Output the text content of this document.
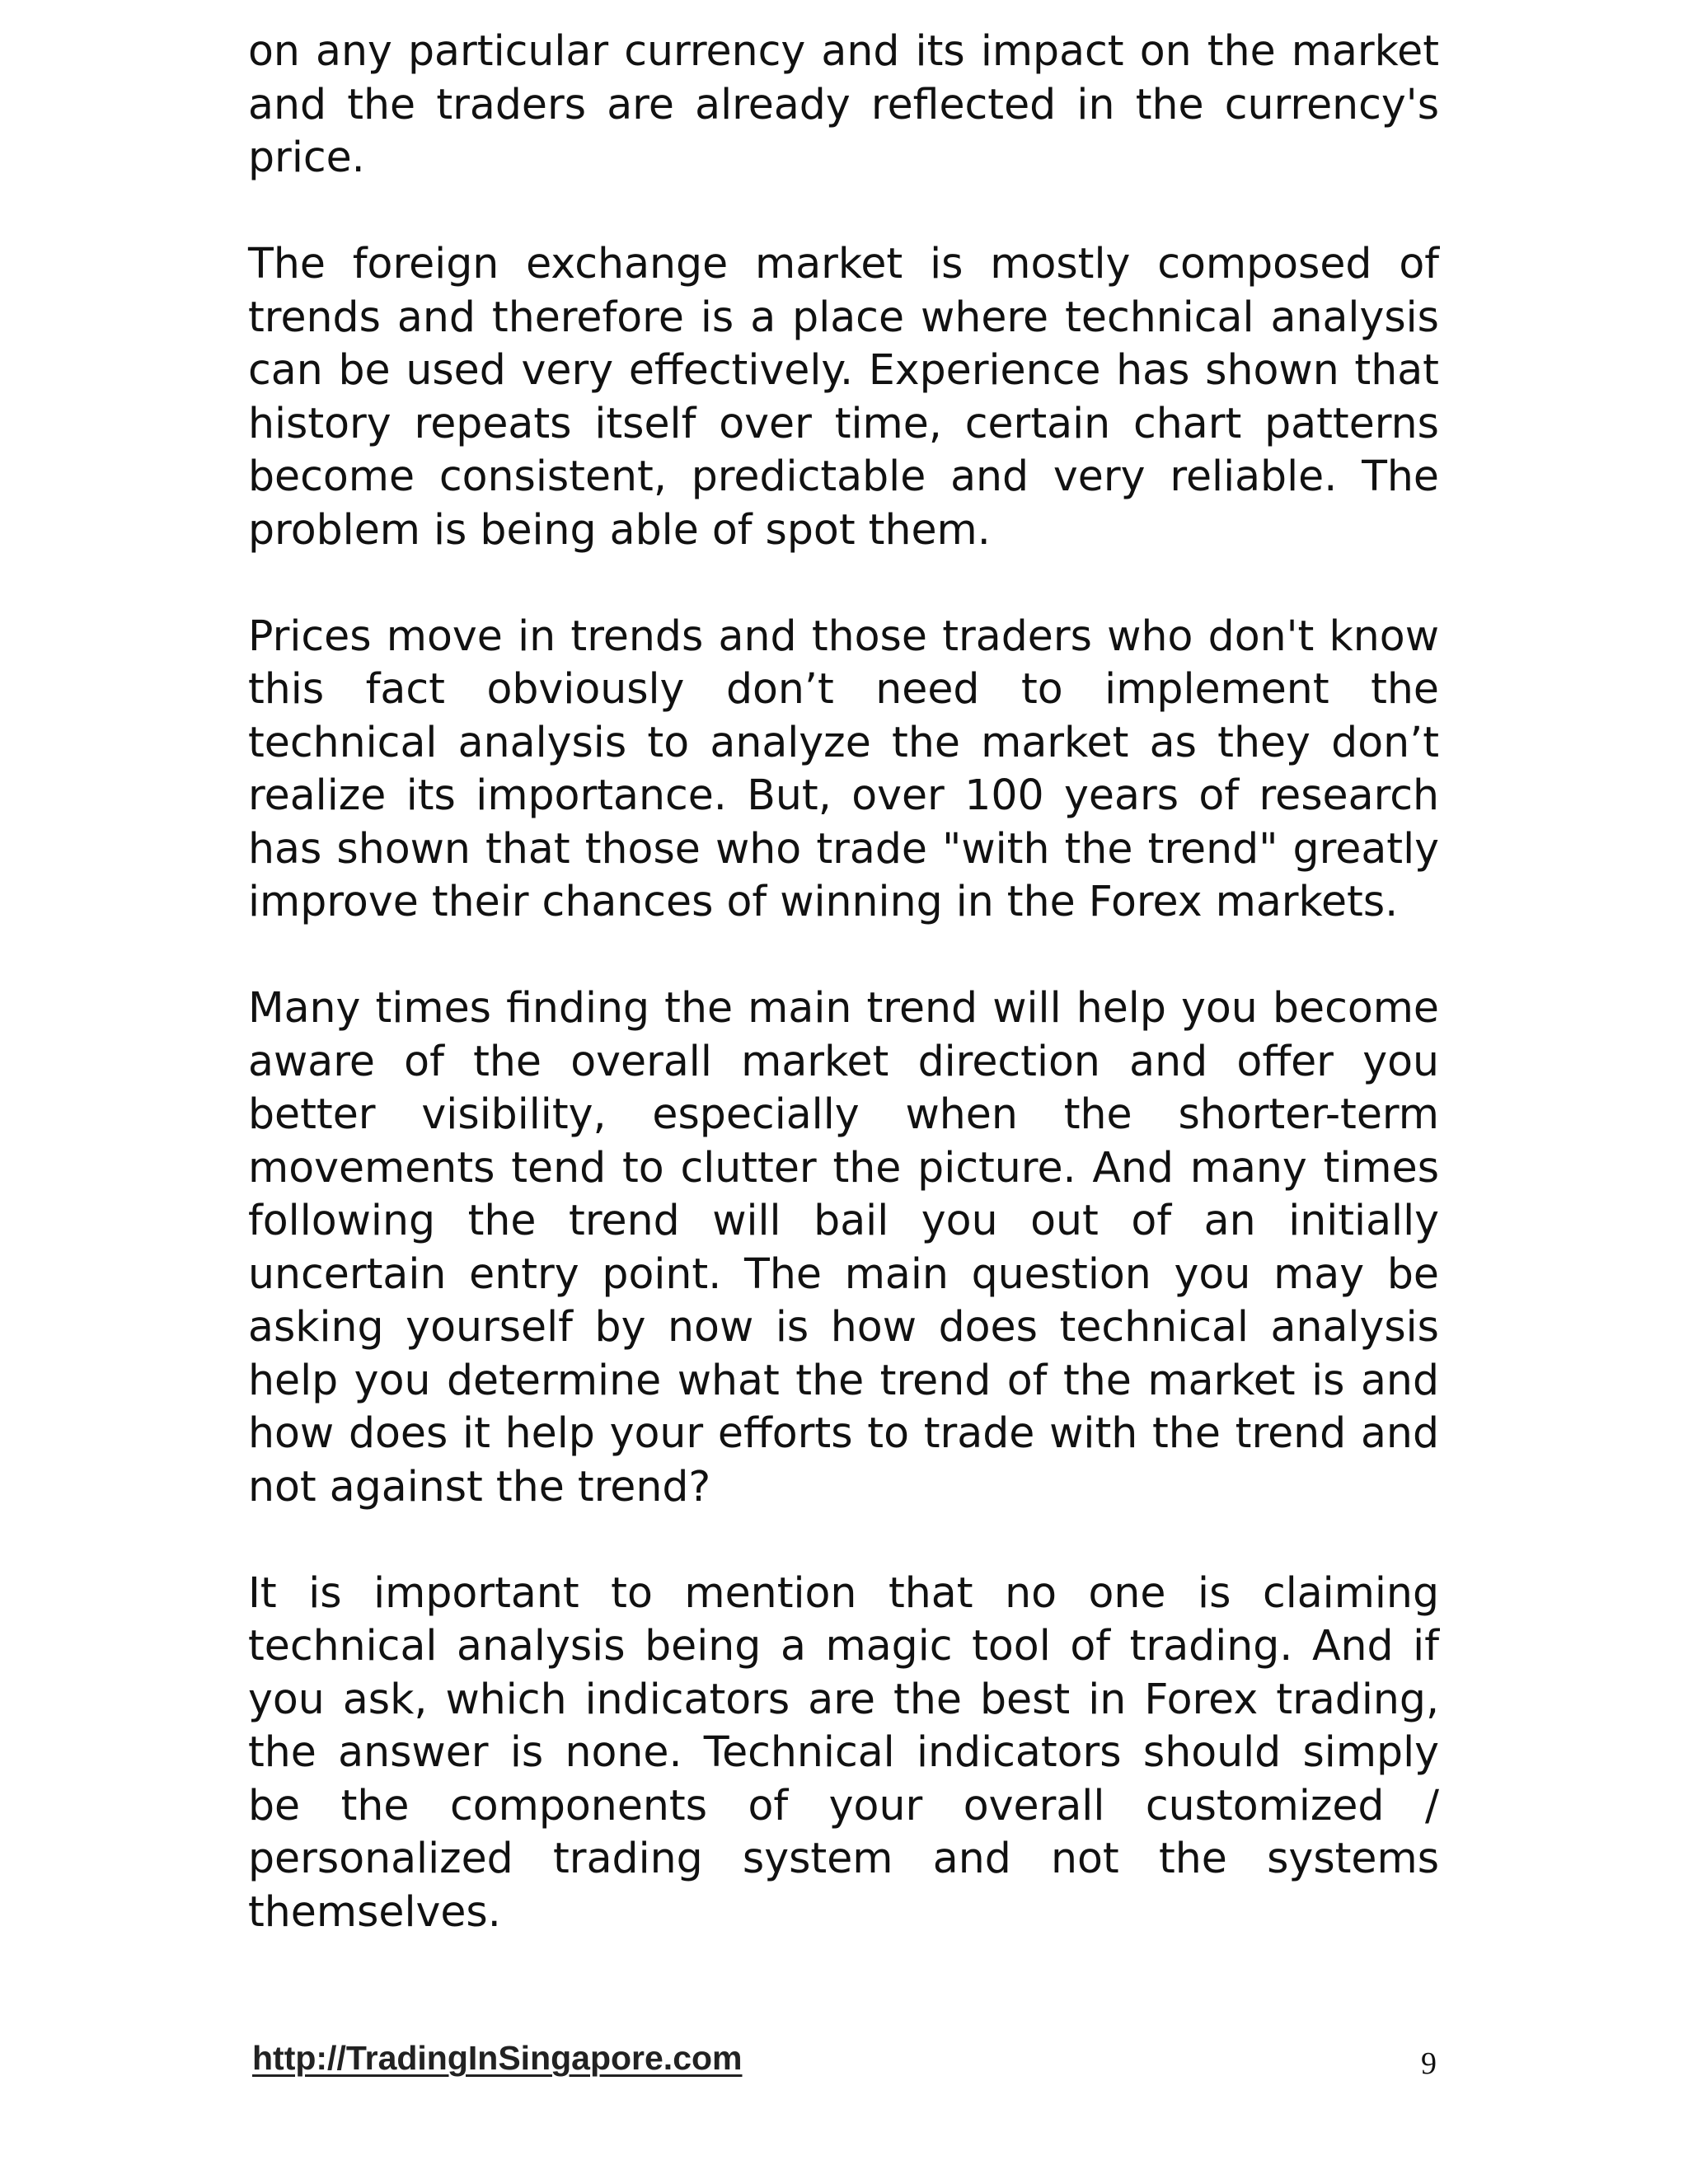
on any particular currency and its impact on the market and the traders are already reflected in the currency's price.

The foreign exchange market is mostly composed of trends and therefore is a place where technical analysis can be used very effectively. Experience has shown that history repeats itself over time, certain chart patterns become consistent, predictable and very reliable. The problem is being able of spot them.

Prices move in trends and those traders who don't know this fact obviously don’t need to implement the technical analysis to analyze the market as they don’t realize its importance. But, over 100 years of research has shown that those who trade "with the trend" greatly improve their chances of winning in the Forex markets.

Many times finding the main trend will help you become aware of the overall market direction and offer you better visibility, especially when the shorter-term movements tend to clutter the picture. And many times following the trend will bail you out of an initially uncertain entry point. The main question you may be asking yourself by now is how does technical analysis help you determine what the trend of the market is and how does it help your efforts to trade with the trend and not against the trend?

It is important to mention that no one is claiming technical analysis being a magic tool of trading. And if you ask, which indicators are the best in Forex trading, the answer is none. Technical indicators should simply be the components of your overall customized / personalized trading system and not the systems themselves.

http://TradingInSingapore.com	9
